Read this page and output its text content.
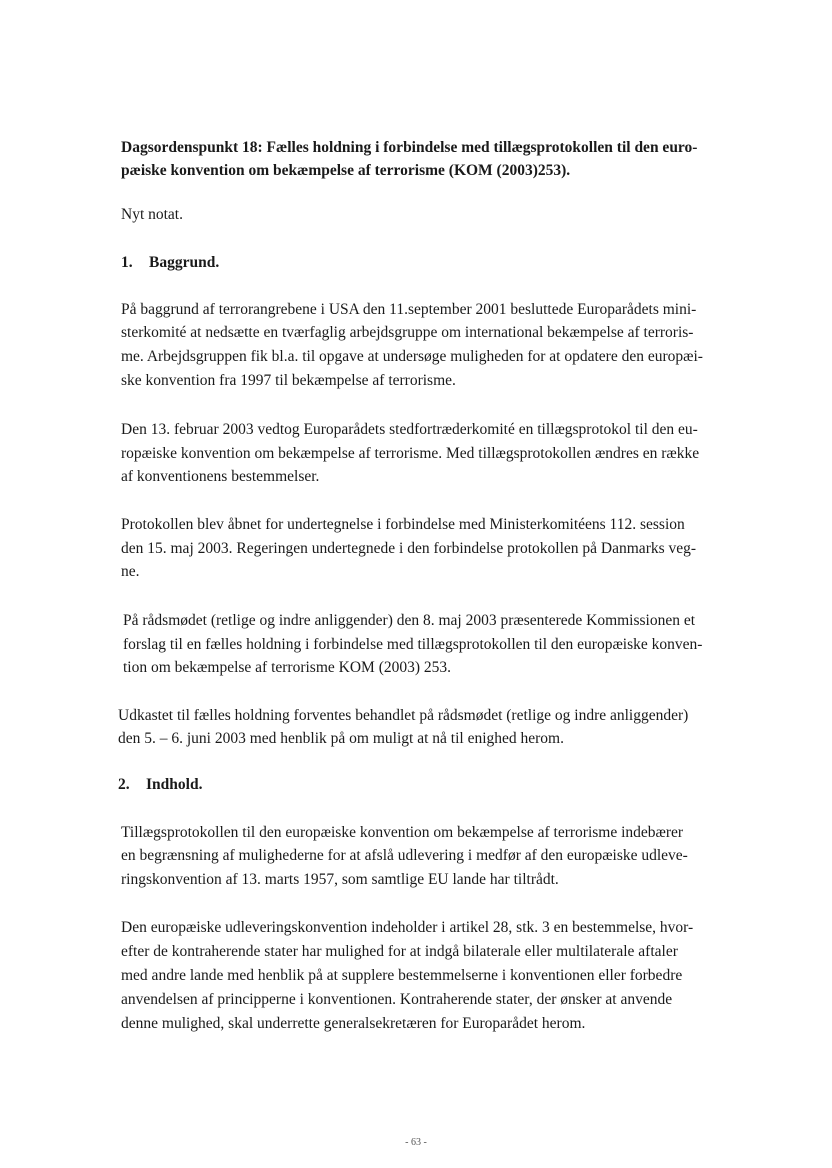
Dagsordenspunkt 18: Fælles holdning i forbindelse med tillægsprotokollen til den euro-
pæiske konvention om bekæmpelse af terrorisme (KOM (2003)253).
Nyt notat.
1. Baggrund.
På baggrund af terrorangrebene i USA den 11.september 2001 besluttede Europarådets mini-
sterkomité at nedsætte en tværfaglig arbejdsgruppe om international bekæmpelse af terroris-
me. Arbejdsgruppen fik bl.a. til opgave at undersøge muligheden for at opdatere den europæi-
ske konvention fra 1997 til bekæmpelse af terrorisme.
Den 13. februar 2003 vedtog Europarådets stedfortræderkomité en tillægsprotokol til den eu-
ropæiske konvention om bekæmpelse af terrorisme. Med tillægsprotokollen ændres en række
af konventionens bestemmelser.
Protokollen blev åbnet for undertegnelse i forbindelse med Ministerkomitéens 112. session
den 15. maj 2003. Regeringen undertegnede i den forbindelse protokollen på Danmarks veg-
ne.
På rådsmødet (retlige og indre anliggender) den 8. maj 2003 præsenterede Kommissionen et
forslag til en fælles holdning i forbindelse med tillægsprotokollen til den europæiske konven-
tion om bekæmpelse af terrorisme KOM (2003) 253.
Udkastet til fælles holdning forventes behandlet på rådsmødet (retlige og indre anliggender)
den 5. – 6. juni 2003 med henblik på om muligt at nå til enighed herom.
2. Indhold.
Tillægsprotokollen til den europæiske konvention om bekæmpelse af terrorisme indebærer
en begrænsning af mulighederne for at afslå udlevering i medfør af den europæiske udleve-
ringskonvention af 13. marts 1957, som samtlige EU lande har tiltrådt.
Den europæiske udleveringskonvention indeholder i artikel 28, stk. 3 en bestemmelse, hvor-
efter de kontraherende stater har mulighed for at indgå bilaterale eller multilaterale aftaler
med andre lande med henblik på at supplere bestemmelserne i konventionen eller forbedre
anvendelsen af principperne i konventionen. Kontraherende stater, der ønsker at anvende
denne mulighed, skal underrette generalsekretæren for Europarådet herom.
- 63 -
